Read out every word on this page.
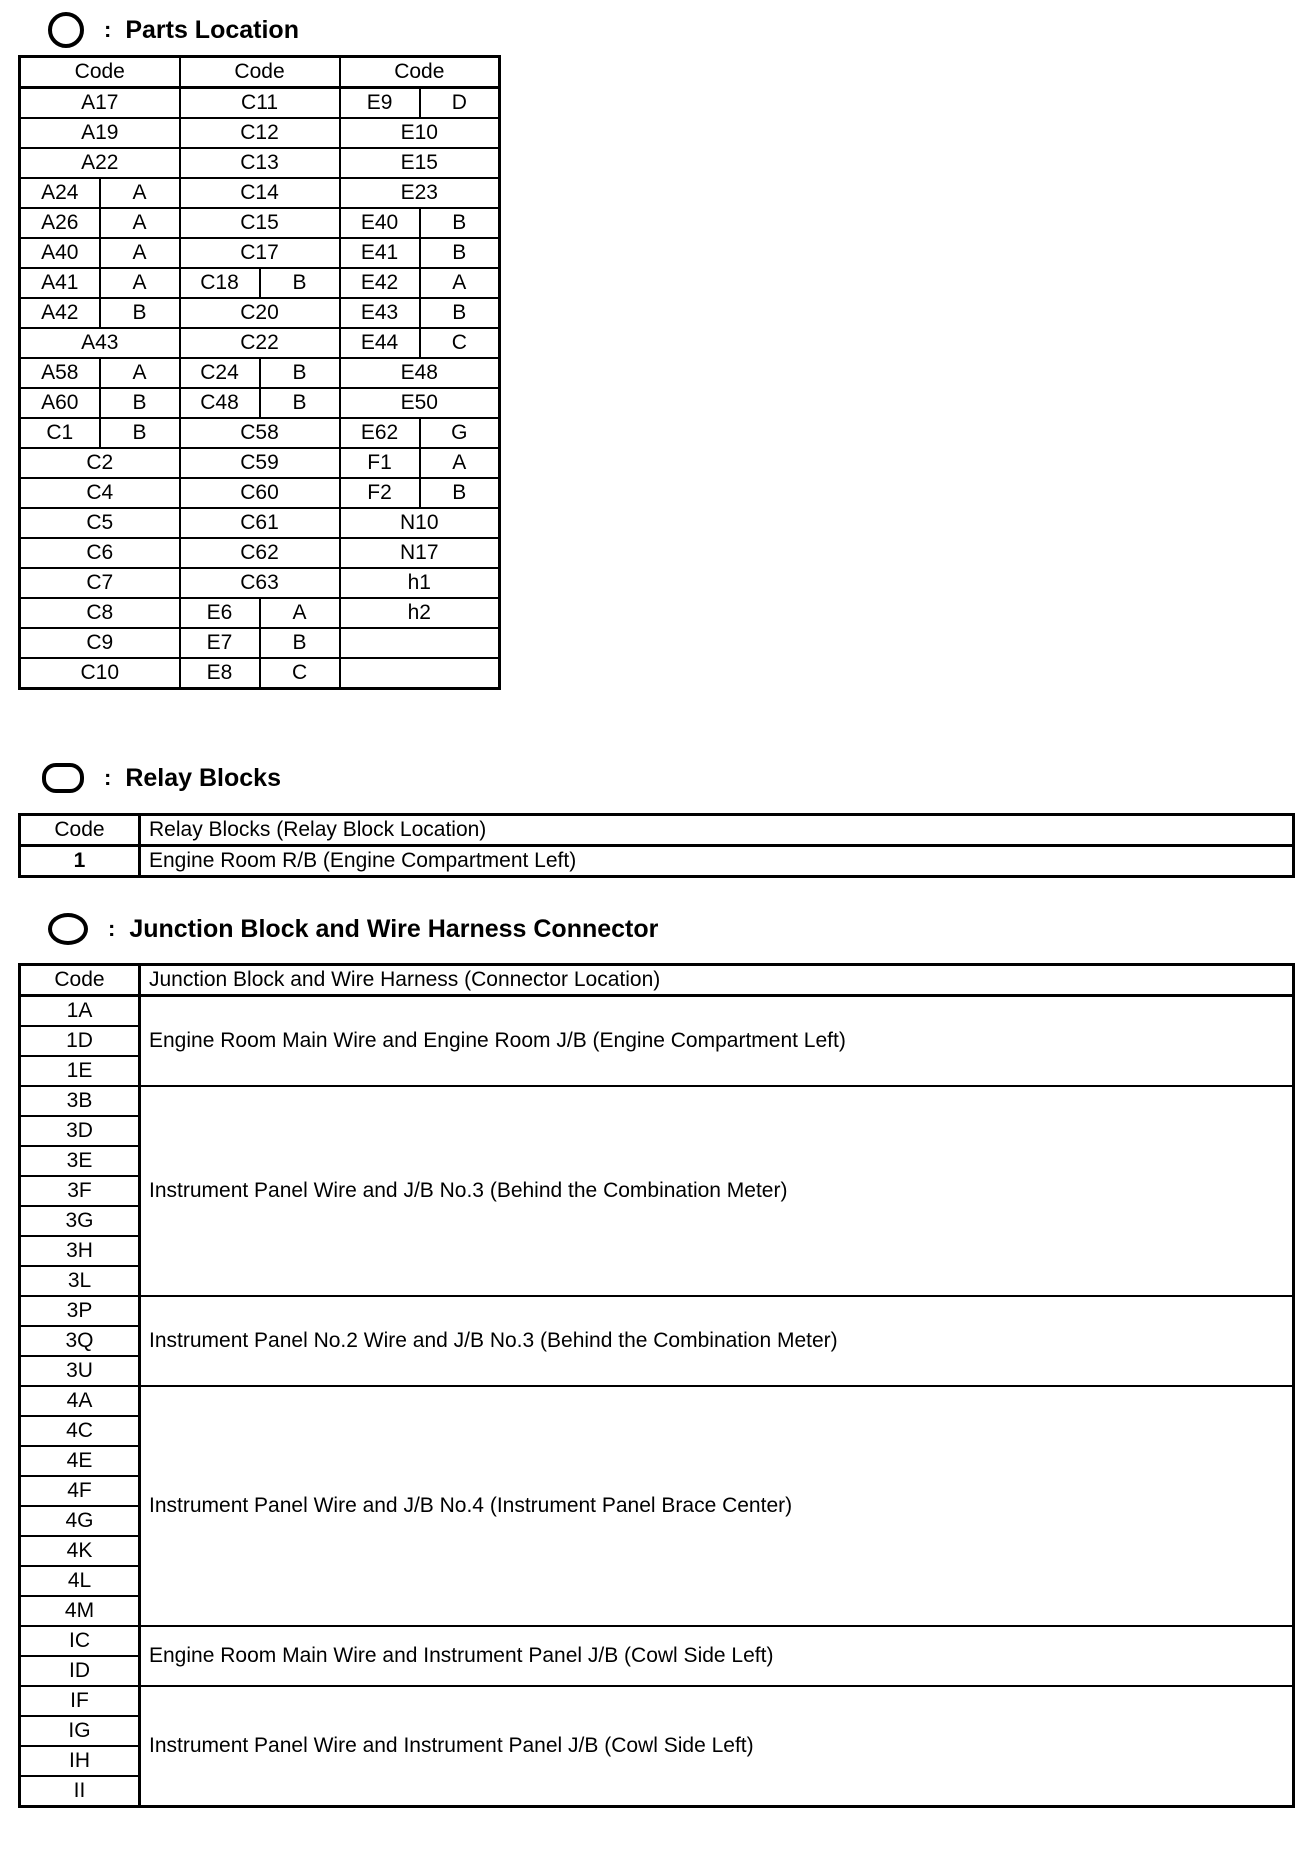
: Parts Location
Code		Code		Code	
A17		C11		E9	D
A19		C12		E10	
A22		C13		E15	
A24	A	C14		E23	
A26	A	C15		E40	B
A40	A	C17		E41	B
A41	A	C18	B	E42	A
A42	B	C20		E43	B
A43		C22		E44	C
A58	A	C24	B	E48	
A60	B	C48	B	E50	
C1	B	C58		E62	G
C2		C59		F1	A
C4		C60		F2	B
C5		C61		N10	
C6		C62		N17	
C7		C63		h1	
C8		E6	A	h2	
C9		E7	B		
C10		E8	C		
: Relay Blocks
Code	Relay Blocks (Relay Block Location)
1	Engine Room R/B (Engine Compartment Left)
: Junction Block and Wire Harness Connector
Code	Junction Block and Wire Harness (Connector Location)
1A	Engine Room Main Wire and Engine Room J/B (Engine Compartment Left)
1D	
1E	
3B	Instrument Panel Wire and J/B No.3 (Behind the Combination Meter)
3D	
3E	
3F	
3G	
3H	
3L	
3P	Instrument Panel No.2 Wire and J/B No.3 (Behind the Combination Meter)
3Q	
3U	
4A	Instrument Panel Wire and J/B No.4 (Instrument Panel Brace Center)
4C	
4E	
4F	
4G	
4K	
4L	
4M	
IC	Engine Room Main Wire and Instrument Panel J/B (Cowl Side Left)
ID	
IF	Instrument Panel Wire and Instrument Panel J/B (Cowl Side Left)
IG	
IH	
II	
